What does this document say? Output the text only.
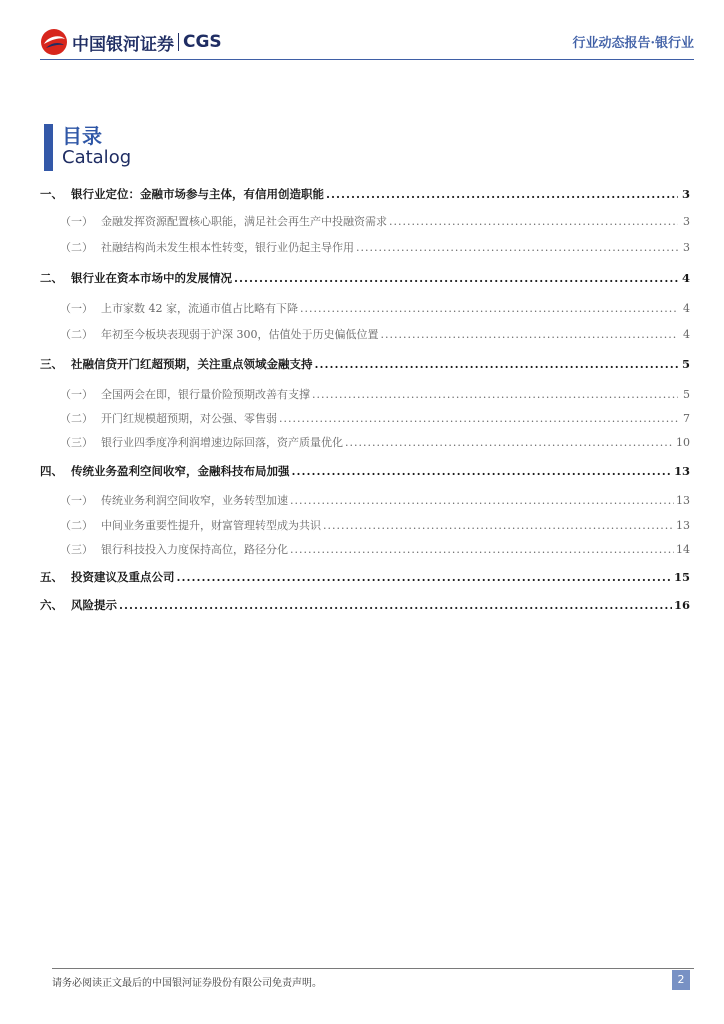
中国银河证券 CGS	行业动态报告·银行业
目录
Catalog
一、 银行业定位：金融市场参与主体，有信用创造职能 .....	3
（一） 金融发挥资源配置核心职能，满足社会再生产中投融资需求 .....	3
（二） 社融结构尚未发生根本性转变，银行业仍起主导作用 .....	3
二、 银行业在资本市场中的发展情况 .....	4
（一） 上市家数 42 家，流通市值占比略有下降 .....	4
（二） 年初至今板块表现弱于沪深 300，估值处于历史偏低位置 .....	4
三、 社融信贷开门红超预期，关注重点领域金融支持 .....	5
（一） 全国两会在即，银行量价险预期改善有支撑 .....	5
（二） 开门红规模超预期，对公强、零售弱 .....	7
（三） 银行业四季度净利润增速边际回落，资产质量优化 .....	10
四、 传统业务盈利空间收窄，金融科技布局加强 .....	13
（一） 传统业务利润空间收窄，业务转型加速 .....	13
（二） 中间业务重要性提升，财富管理转型成为共识 .....	13
（三） 银行科技投入力度保持高位，路径分化 .....	14
五、 投资建议及重点公司 .....	15
六、 风险提示 .....	16
请务必阅读正文最后的中国银河证券股份有限公司免责声明。	2
